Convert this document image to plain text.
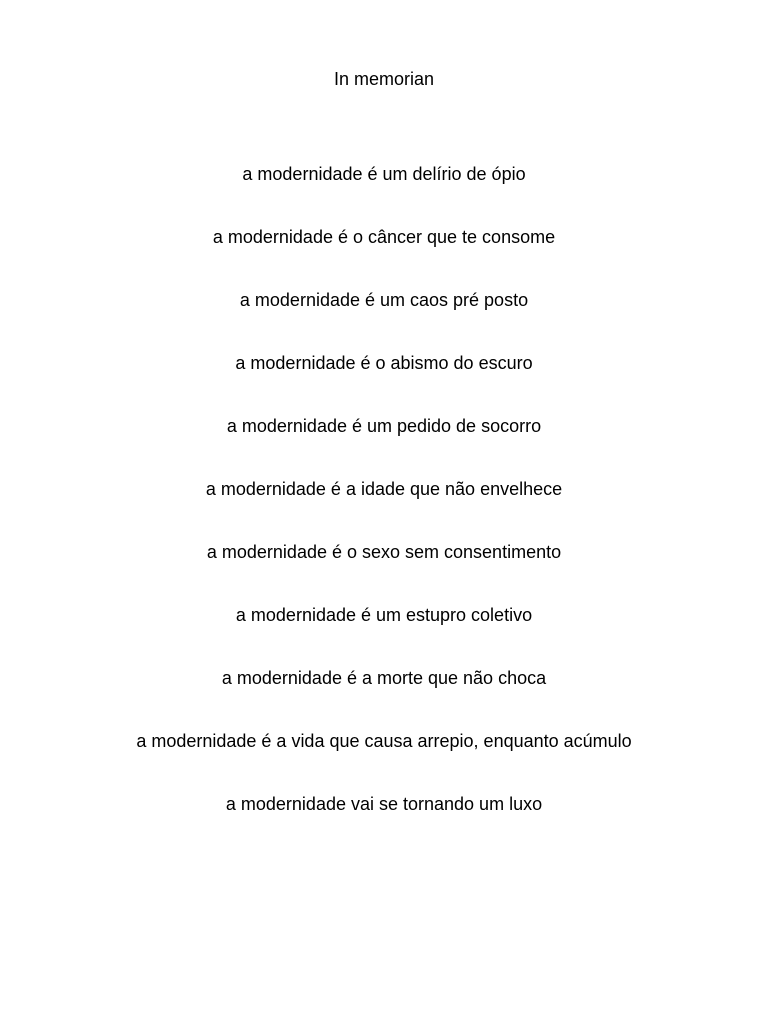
In memorian
a modernidade é um delírio de ópio
a modernidade é o câncer que te consome
a modernidade é um caos pré posto
a modernidade é o abismo do escuro
a modernidade é um pedido de socorro
a modernidade é a idade que não envelhece
a modernidade é o sexo sem consentimento
a modernidade é um estupro coletivo
a modernidade é a morte que não choca
a modernidade é a vida que causa arrepio, enquanto acúmulo
a modernidade vai se tornando um luxo
